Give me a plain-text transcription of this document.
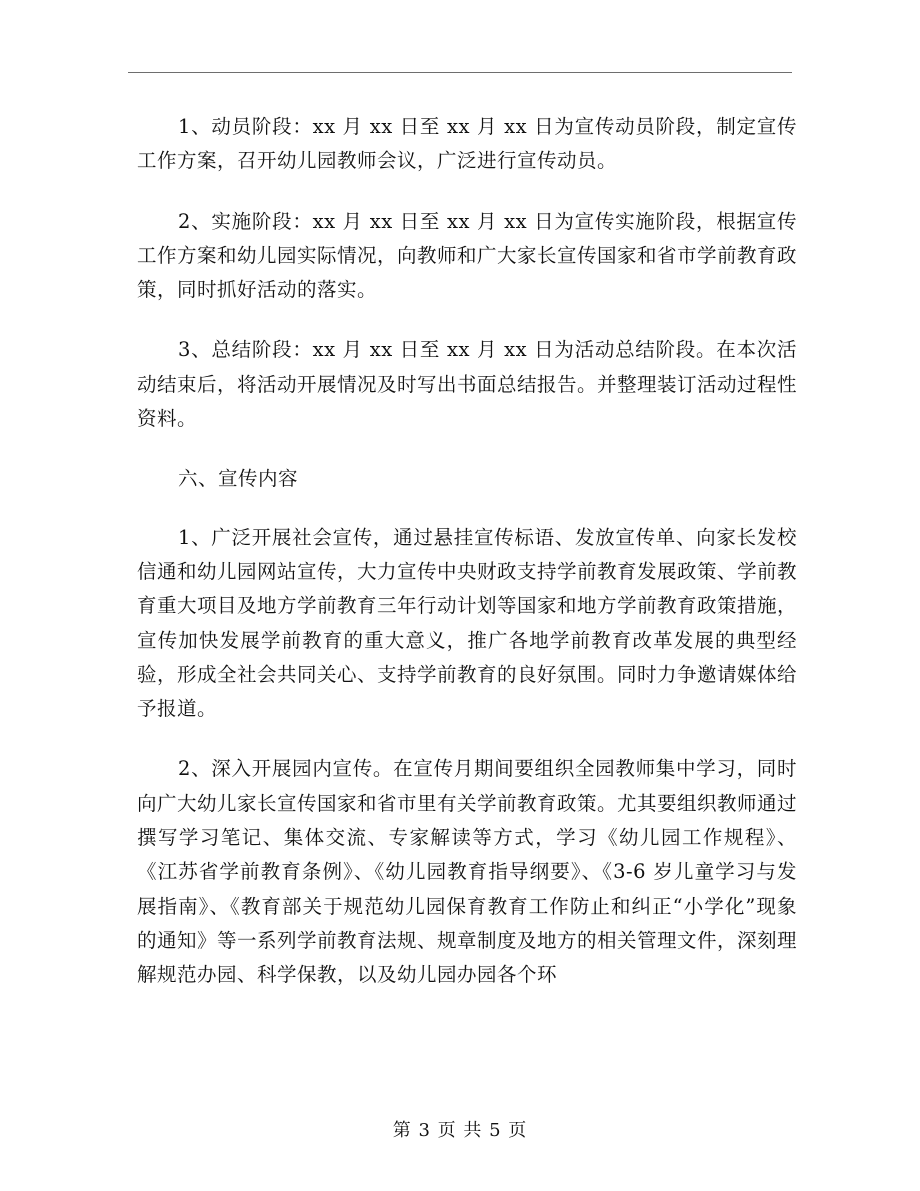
1、动员阶段：xx 月 xx 日至 xx 月 xx 日为宣传动员阶段，制定宣传工作方案，召开幼儿园教师会议，广泛进行宣传动员。

2、实施阶段：xx 月 xx 日至 xx 月 xx 日为宣传实施阶段，根据宣传工作方案和幼儿园实际情况，向教师和广大家长宣传国家和省市学前教育政策，同时抓好活动的落实。

3、总结阶段：xx 月 xx 日至 xx 月 xx 日为活动总结阶段。在本次活动结束后，将活动开展情况及时写出书面总结报告。并整理装订活动过程性资料。

六、宣传内容

1、广泛开展社会宣传，通过悬挂宣传标语、发放宣传单、向家长发校信通和幼儿园网站宣传，大力宣传中央财政支持学前教育发展政策、学前教育重大项目及地方学前教育三年行动计划等国家和地方学前教育政策措施，宣传加快发展学前教育的重大意义，推广各地学前教育改革发展的典型经验，形成全社会共同关心、支持学前教育的良好氛围。同时力争邀请媒体给予报道。

2、深入开展园内宣传。在宣传月期间要组织全园教师集中学习，同时向广大幼儿家长宣传国家和省市里有关学前教育政策。尤其要组织教师通过撰写学习笔记、集体交流、专家解读等方式，学习《幼儿园工作规程》、《江苏省学前教育条例》、《幼儿园教育指导纲要》、《3-6 岁儿童学习与发展指南》、《教育部关于规范幼儿园保育教育工作防止和纠正“小学化”现象的通知》等一系列学前教育法规、规章制度及地方的相关管理文件，深刻理解规范办园、科学保教，以及幼儿园办园各个环

第 3 页 共 5 页
